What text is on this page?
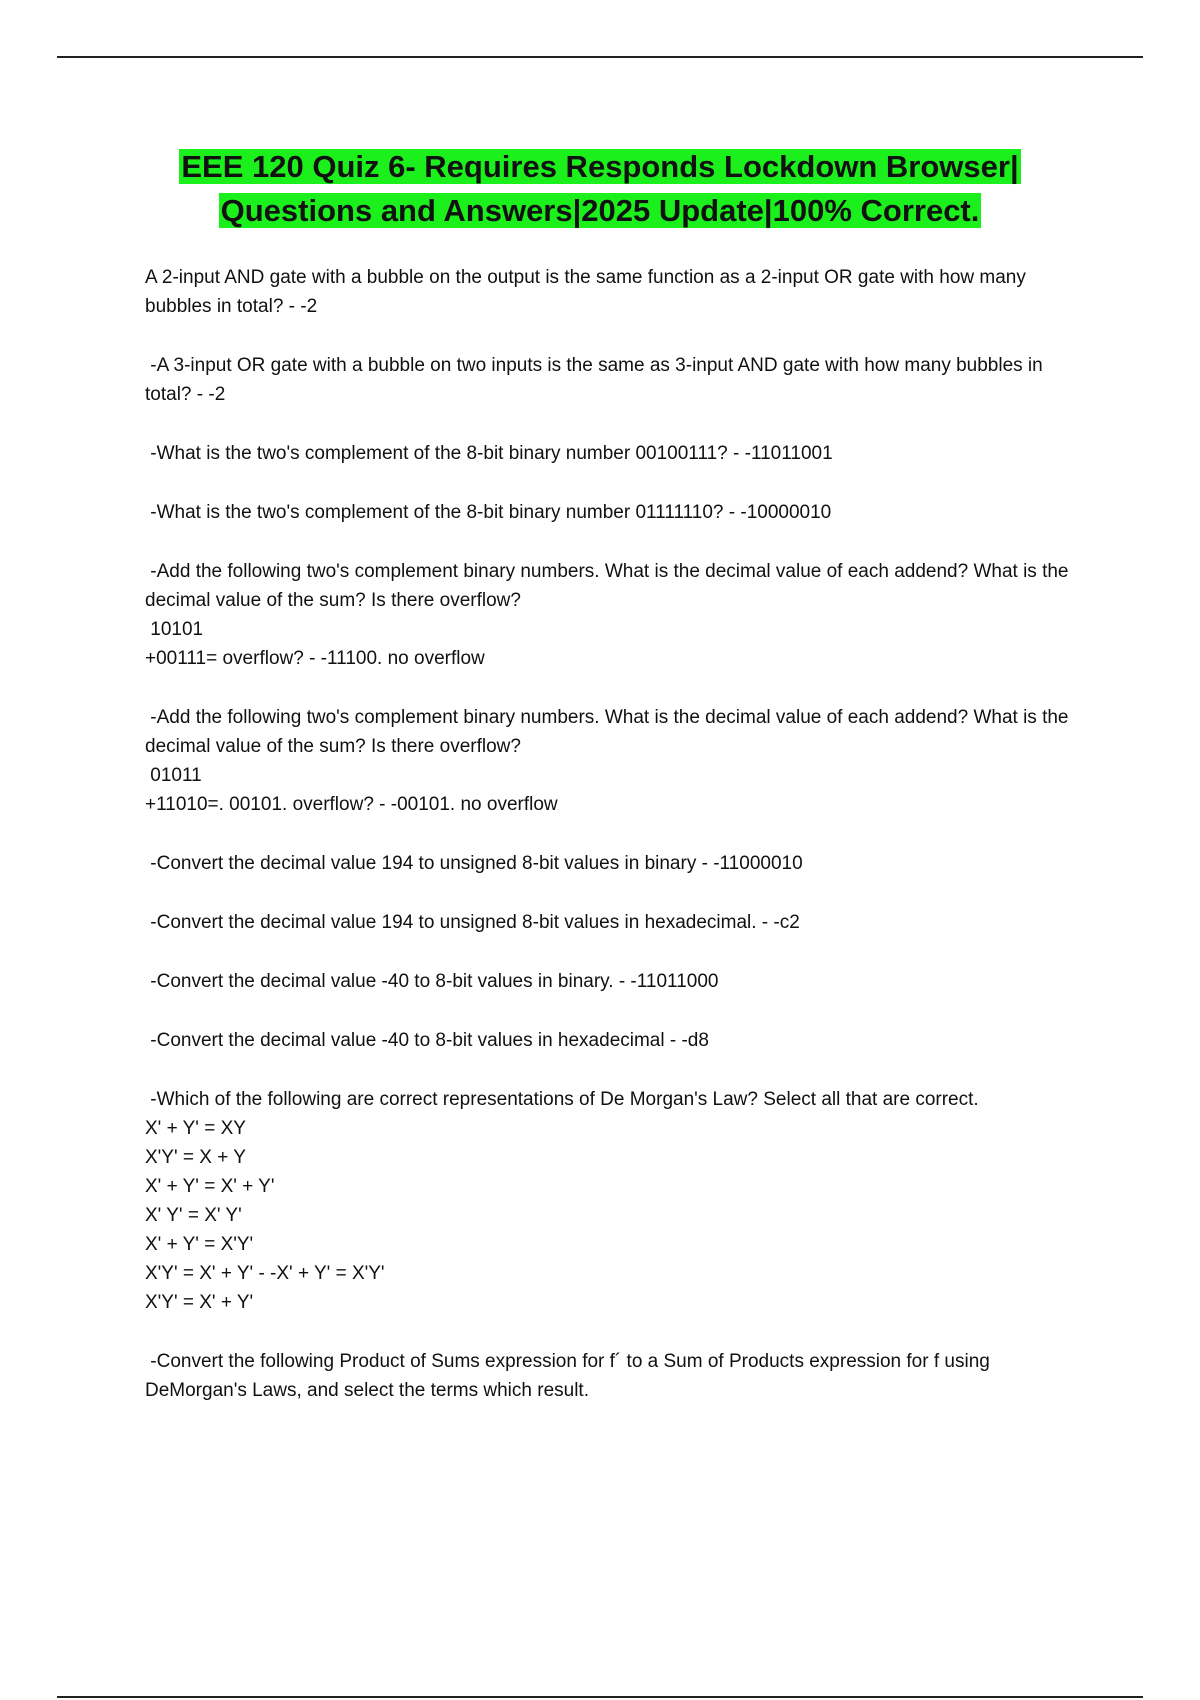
EEE 120 Quiz 6- Requires Responds Lockdown Browser|
Questions and Answers|2025 Update|100% Correct.

A 2-input AND gate with a bubble on the output is the same function as a 2-input OR gate with how many bubbles in total? - -2

-A 3-input OR gate with a bubble on two inputs is the same as 3-input AND gate with how many bubbles in total? - -2

-What is the two's complement of the 8-bit binary number 00100111? - -11011001

-What is the two's complement of the 8-bit binary number 01111110? - -10000010

-Add the following two's complement binary numbers. What is the decimal value of each addend? What is the decimal value of the sum? Is there overflow?

10101
+00111= overflow? - -11100. no overflow

-Add the following two's complement binary numbers. What is the decimal value of each addend? What is the decimal value of the sum? Is there overflow?

01011
+11010=. 00101. overflow? - -00101. no overflow

-Convert the decimal value 194 to unsigned 8-bit values in binary - -11000010

-Convert the decimal value 194 to unsigned 8-bit values in hexadecimal. - -c2

-Convert the decimal value -40 to 8-bit values in binary. - -11011000

-Convert the decimal value -40 to 8-bit values in hexadecimal - -d8

-Which of the following are correct representations of De Morgan's Law? Select all that are correct.

X' + Y' = XY
X'Y' = X + Y
X' + Y' = X' + Y'
X' Y' = X' Y'
X' + Y' = X'Y'
X'Y' = X' + Y' - -X' + Y' = X'Y'
X'Y' = X' + Y'

-Convert the following Product of Sums expression for f´ to a Sum of Products expression for f using DeMorgan's Laws, and select the terms which result.
